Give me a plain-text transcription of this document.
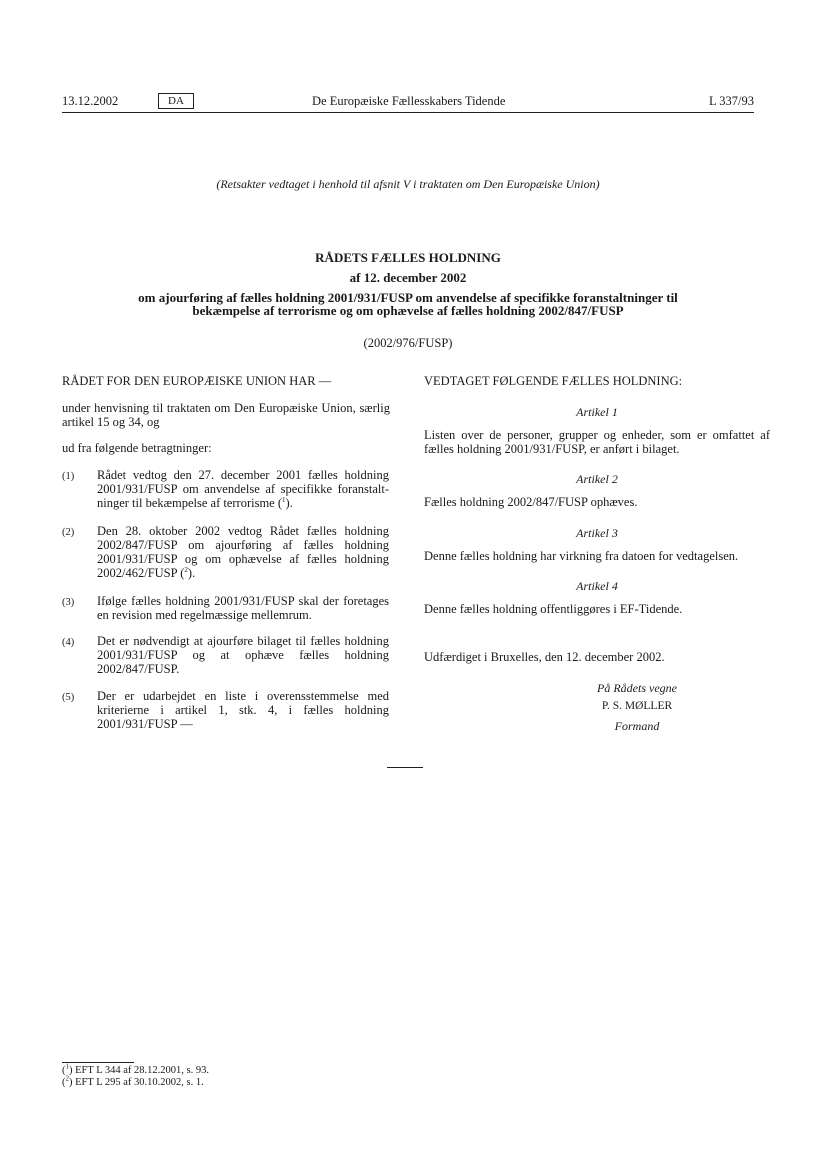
13.12.2002	DA	De Europæiske Fællesskabers Tidende	L 337/93
(Retsakter vedtaget i henhold til afsnit V i traktaten om Den Europæiske Union)
RÅDETS FÆLLES HOLDNING
af 12. december 2002
om ajourføring af fælles holdning 2001/931/FUSP om anvendelse af specifikke foranstaltninger til
bekæmpelse af terrorisme og om ophævelse af fælles holdning 2002/847/FUSP
(2002/976/FUSP)
RÅDET FOR DEN EUROPÆISKE UNION HAR —
under henvisning til traktaten om Den Europæiske Union, særlig artikel 15 og 34, og
ud fra følgende betragtninger:
(1) Rådet vedtog den 27. december 2001 fælles holdning 2001/931/FUSP om anvendelse af specifikke foranstalt-ninger til bekæmpelse af terrorisme ($^1$).
(2) Den 28. oktober 2002 vedtog Rådet fælles holdning 2002/847/FUSP om ajourføring af fælles holdning 2001/931/FUSP og om ophævelse af fælles holdning 2002/462/FUSP ($^2$).
(3) Ifølge fælles holdning 2001/931/FUSP skal der foretages en revision med regelmæssige mellemrum.
(4) Det er nødvendigt at ajourføre bilaget til fælles holdning 2001/931/FUSP og at ophæve fælles holdning 2002/847/FUSP.
(5) Der er udarbejdet en liste i overensstemmelse med kriterierne i artikel 1, stk. 4, i fælles holdning 2001/931/FUSP —
VEDTAGET FØLGENDE FÆLLES HOLDNING:
Artikel 1
Listen over de personer, grupper og enheder, som er omfattet af fælles holdning 2001/931/FUSP, er anført i bilaget.
Artikel 2
Fælles holdning 2002/847/FUSP ophæves.
Artikel 3
Denne fælles holdning har virkning fra datoen for vedtagelsen.
Artikel 4
Denne fælles holdning offentliggøres i EF-Tidende.
Udfærdiget i Bruxelles, den 12. december 2002.
På Rådets vegne
P. S. MØLLER
Formand
($^1$) EFT L 344 af 28.12.2001, s. 93.
($^2$) EFT L 295 af 30.10.2002, s. 1.
